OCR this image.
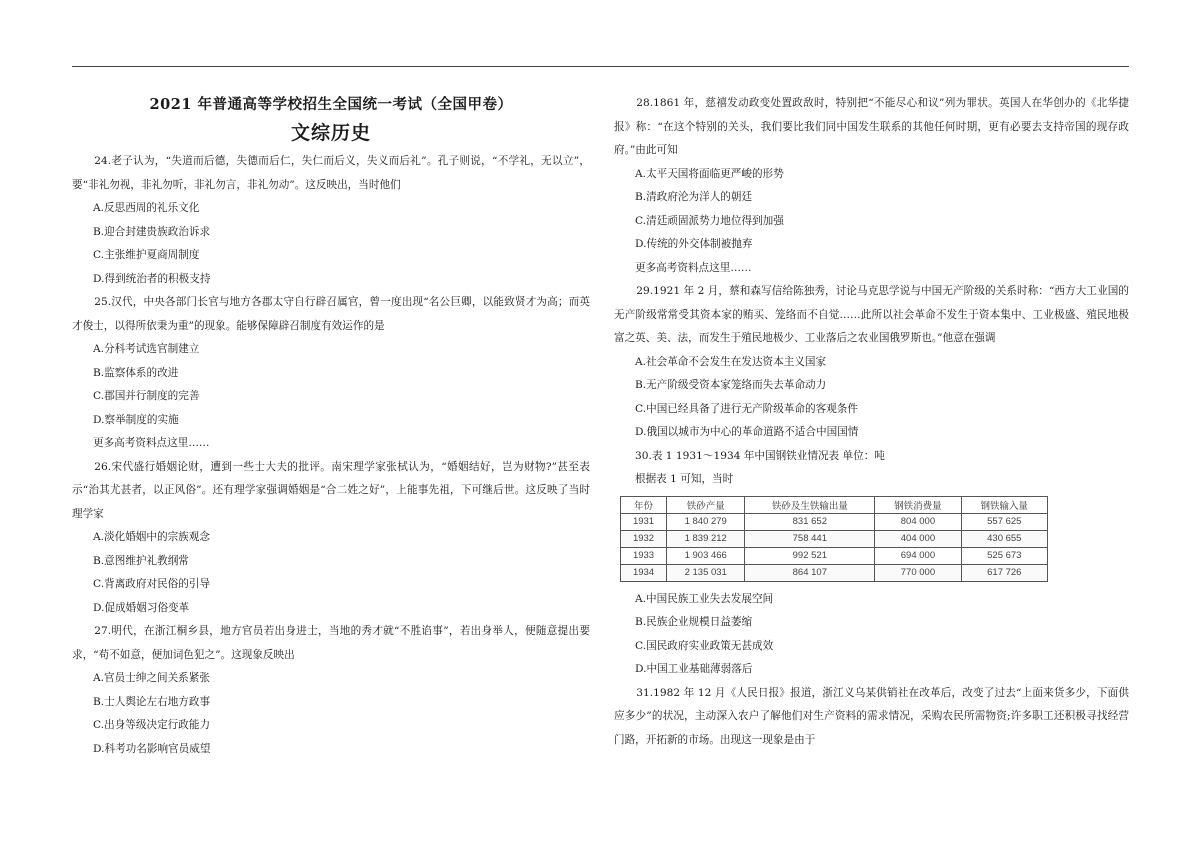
2021 年普通高等学校招生全国统一考试（全国甲卷）
文综历史

24.老子认为，“失道而后德，失德而后仁，失仁而后义，失义而后礼”。孔子则说，“不学礼，无以立”，要“非礼勿视，非礼勿听，非礼勿言，非礼勿动”。这反映出，当时他们

A.反思西周的礼乐文化

B.迎合封建贵族政治诉求

C.主张维护夏商周制度

D.得到统治者的积极支持

25.汉代，中央各部门长官与地方各郡太守自行辟召属官，曾一度出现“名公巨卿，以能致贤才为高；而英才俊士，以得所依秉为重”的现象。能够保障辟召制度有效运作的是

A.分科考试选官制建立

B.监察体系的改进

C.郡国并行制度的完善

D.察举制度的实施

更多高考资料点这里……

26.宋代盛行婚姻论财，遭到一些士大夫的批评。南宋理学家张栻认为，“婚姻结好，岂为财物?”甚至表示“治其尤甚者，以正风俗”。还有理学家强调婚姻是“合二姓之好”，上能事先祖，下可继后世。这反映了当时理学家

A.淡化婚姻中的宗族观念

B.意图维护礼教纲常

C.背离政府对民俗的引导

D.促成婚姻习俗变革

27.明代，在浙江桐乡县，地方官员若出身进士，当地的秀才就“不胜谄事”，若出身举人，便随意提出要求，“苟不如意，便加词色犯之”。这现象反映出

A.官员士绅之间关系紧张

B.士人舆论左右地方政事

C.出身等级决定行政能力

D.科考功名影响官员威望

28.1861 年，慈禧发动政变处置政敌时，特别把“不能尽心和议”列为罪状。英国人在华创办的《北华捷报》称：“在这个特别的关头，我们要比我们同中国发生联系的其他任何时期，更有必要去支持帝国的现存政府。”由此可知

A.太平天国将面临更严峻的形势

B.清政府沦为洋人的朝廷

C.清廷顽固派势力地位得到加强

D.传统的外交体制被抛弃

更多高考资料点这里……

29.1921 年 2 月，蔡和森写信给陈独秀，讨论马克思学说与中国无产阶级的关系时称：“西方大工业国的无产阶级常常受其资本家的贿买、笼络而不自觉……此所以社会革命不发生于资本集中、工业极盛、殖民地极富之英、美、法，而发生于殖民地极少、工业落后之农业国俄罗斯也。”他意在强调

A.社会革命不会发生在发达资本主义国家

B.无产阶级受资本家笼络而失去革命动力

C.中国已经具备了进行无产阶级革命的客观条件

D.俄国以城市为中心的革命道路不适合中国国情

30.表 1 1931～1934 年中国钢铁业情况表 单位：吨

根据表 1 可知，当时

年份	铁砂产量	铁砂及生铁输出量	钢铁消费量	钢铁输入量
1931	1 840 279	831 652	804 000	557 625
1932	1 839 212	758 441	404 000	430 655
1933	1 903 466	992 521	694 000	525 673
1934	2 135 031	864 107	770 000	617 726

A.中国民族工业失去发展空间

B.民族企业规模日益萎缩

C.国民政府实业政策无甚成效

D.中国工业基础薄弱落后

31.1982 年 12 月《人民日报》报道，浙江义乌某供销社在改革后，改变了过去“上面来货多少，下面供应多少”的状况，主动深入农户了解他们对生产资料的需求情况，采购农民所需物资;许多职工还积极寻找经营门路，开拓新的市场。出现这一现象是由于
